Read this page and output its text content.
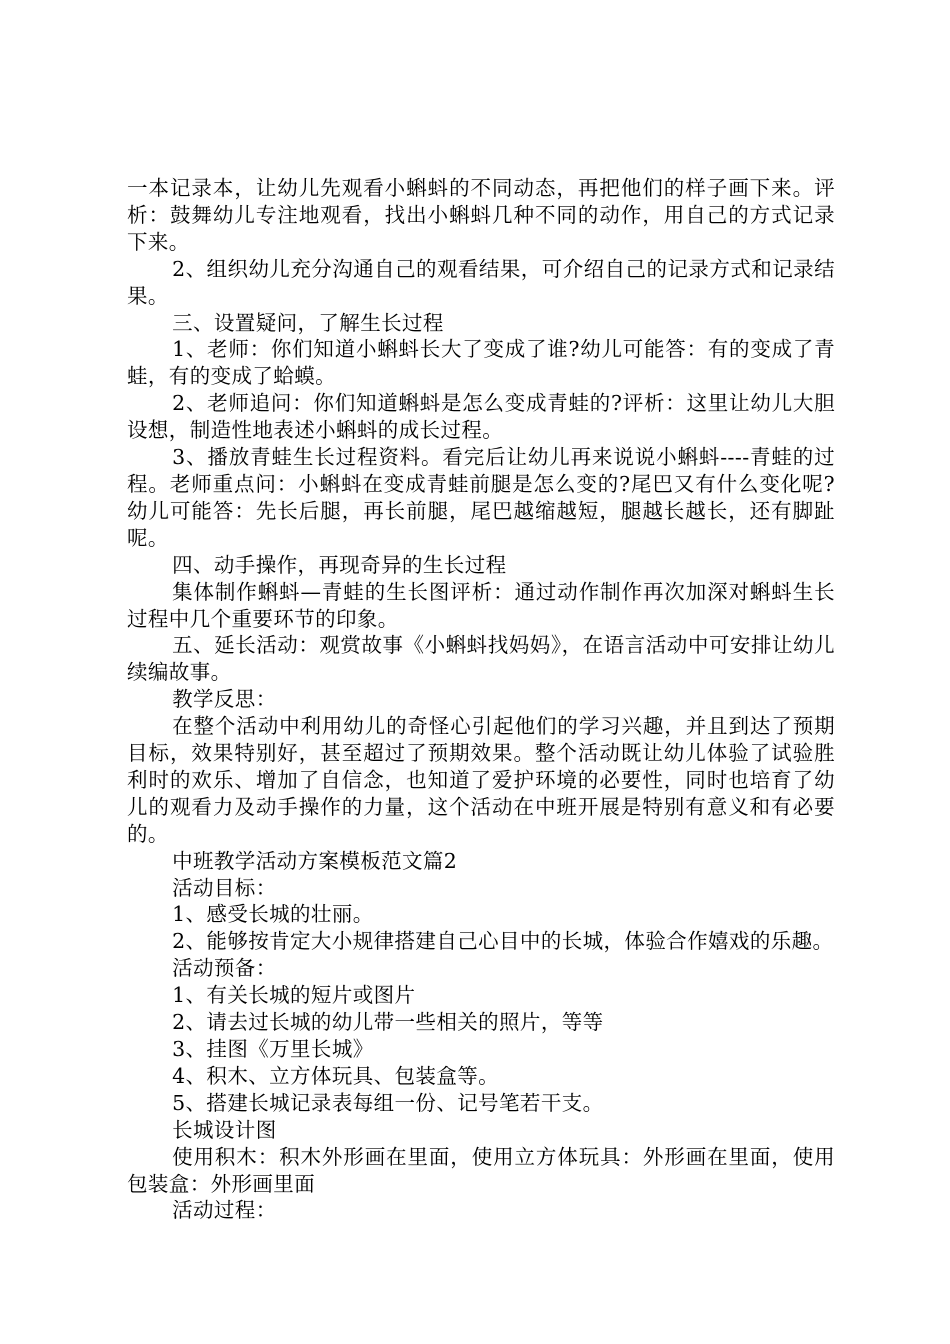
一本记录本，让幼儿先观看小蝌蚪的不同动态，再把他们的样子画下来。评析：鼓舞幼儿专注地观看，找出小蝌蚪几种不同的动作，用自己的方式记录下来。

2、组织幼儿充分沟通自己的观看结果，可介绍自己的记录方式和记录结果。

三、设置疑问，了解生长过程

1、老师：你们知道小蝌蚪长大了变成了谁?幼儿可能答：有的变成了青蛙，有的变成了蛤蟆。

2、老师追问：你们知道蝌蚪是怎么变成青蛙的?评析：这里让幼儿大胆设想，制造性地表述小蝌蚪的成长过程。

3、播放青蛙生长过程资料。看完后让幼儿再来说说小蝌蚪----青蛙的过程。老师重点问：小蝌蚪在变成青蛙前腿是怎么变的?尾巴又有什么变化呢?幼儿可能答：先长后腿，再长前腿，尾巴越缩越短，腿越长越长，还有脚趾呢。

四、动手操作，再现奇异的生长过程

集体制作蝌蚪—青蛙的生长图评析：通过动作制作再次加深对蝌蚪生长过程中几个重要环节的印象。

五、延长活动：观赏故事《小蝌蚪找妈妈》，在语言活动中可安排让幼儿续编故事。

教学反思：

在整个活动中利用幼儿的奇怪心引起他们的学习兴趣，并且到达了预期目标，效果特别好，甚至超过了预期效果。整个活动既让幼儿体验了试验胜利时的欢乐、增加了自信念，也知道了爱护环境的必要性，同时也培育了幼儿的观看力及动手操作的力量，这个活动在中班开展是特别有意义和有必要的。

中班教学活动方案模板范文篇2

活动目标：

1、感受长城的壮丽。

2、能够按肯定大小规律搭建自己心目中的长城，体验合作嬉戏的乐趣。

活动预备：

1、有关长城的短片或图片

2、请去过长城的幼儿带一些相关的照片，等等

3、挂图《万里长城》

4、积木、立方体玩具、包装盒等。

5、搭建长城记录表每组一份、记号笔若干支。

长城设计图

使用积木：积木外形画在里面，使用立方体玩具：外形画在里面，使用包装盒：外形画里面

活动过程：
